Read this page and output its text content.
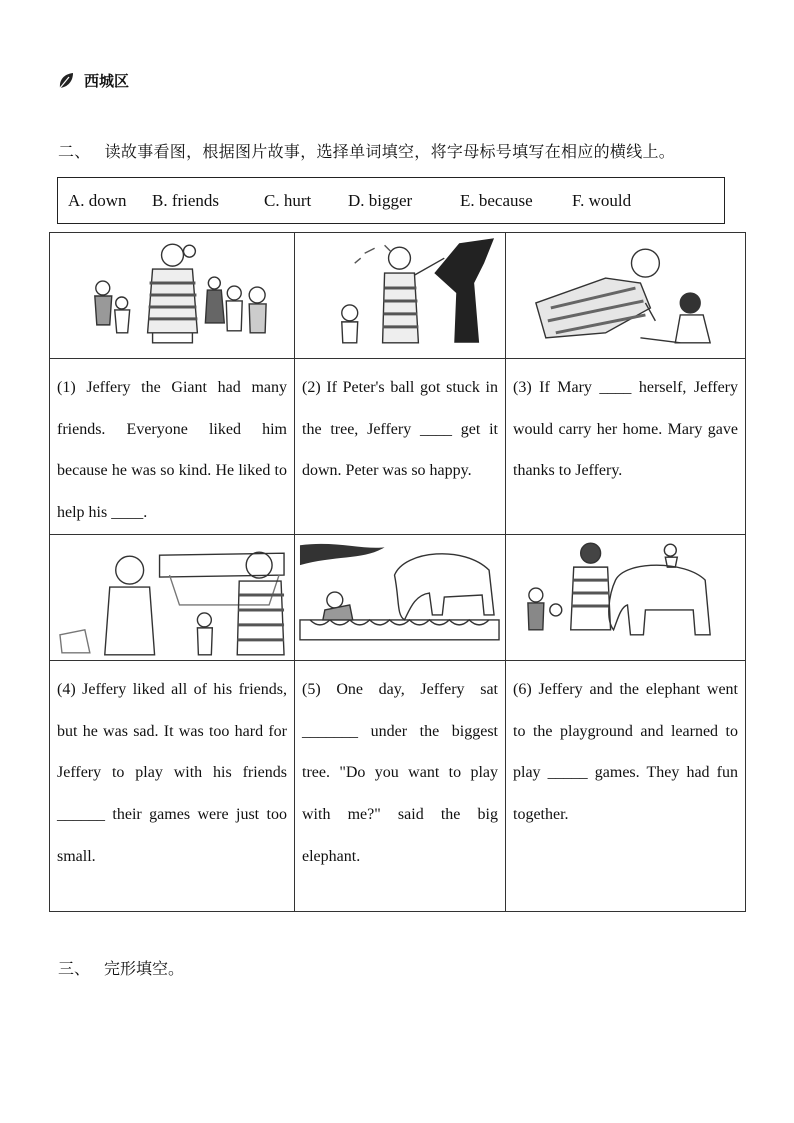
西城区
二、 读故事看图，根据图片故事，选择单词填空，将字母标号填写在相应的横线上。
A. down	B. friends	C. hurt	D. bigger	E. because	F. would

(1) Jeffery the Giant had many friends. Everyone liked him because he was so kind. He liked to help his ____.	(2) If Peter's ball got stuck in the tree, Jeffery ____ get it down. Peter was so happy.	(3) If Mary ____ herself, Jeffery would carry her home. Mary gave thanks to Jeffery.

(4) Jeffery liked all of his friends, but he was sad. It was too hard for Jeffery to play with his friends ______ their games were just too small.	(5) One day, Jeffery sat _______ under the biggest tree. "Do you want to play with me?" said the big elephant.	(6) Jeffery and the elephant went to the playground and learned to play _____ games. They had fun together.
三、 完形填空。
